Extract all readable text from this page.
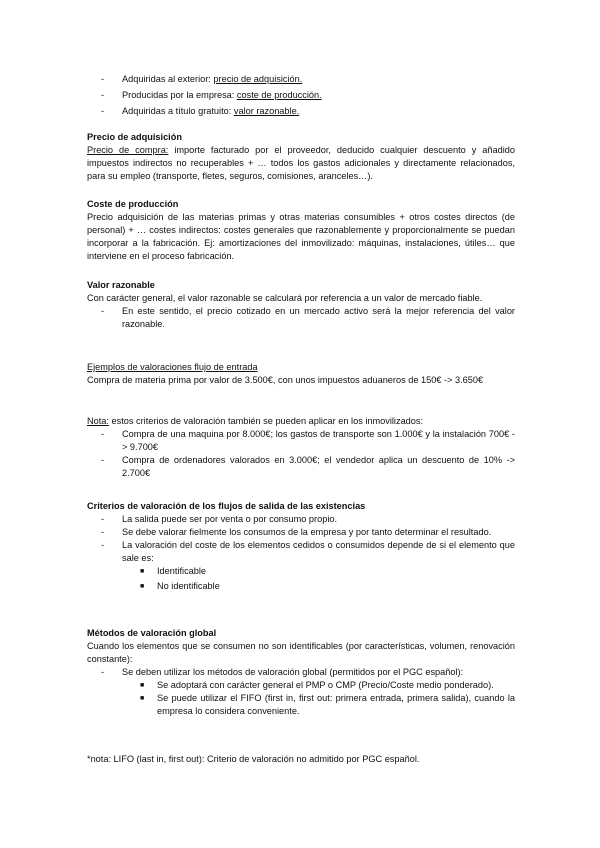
- Adquiridas al exterior: precio de adquisición.

- Producidas por la empresa: coste de producción.

- Adquiridas a título gratuito: valor razonable.

Precio de adquisición

Precio de compra: importe facturado por el proveedor, deducido cualquier descuento y añadido impuestos indirectos no recuperables + … todos los gastos adicionales y directamente relacionados, para su empleo (transporte, fletes, seguros, comisiones, aranceles…).

Coste de producción

Precio adquisición de las materias primas y otras materias consumibles + otros costes directos (de personal) + … costes indirectos: costes generales que razonablemente y proporcionalmente se puedan incorporar a la fabricación. Ej: amortizaciones del inmovilizado: máquinas, instalaciones, útiles… que interviene en el proceso fabricación.

Valor razonable

Con carácter general, el valor razonable se calculará por referencia a un valor de mercado fiable.

- En este sentido, el precio cotizado en un mercado activo será la mejor referencia del valor razonable.

Ejemplos de valoraciones flujo de entrada

Compra de materia prima por valor de 3.500€, con unos impuestos aduaneros de 150€ -> 3.650€

Nota: estos criterios de valoración también se pueden aplicar en los inmovilizados:

- Compra de una maquina por 8.000€; los gastos de transporte son 1.000€ y la instalación 700€ -> 9.700€

- Compra de ordenadores valorados en 3.000€; el vendedor aplica un descuento de 10% -> 2.700€

Criterios de valoración de los flujos de salida de las existencias

- La salida puede ser por venta o por consumo propio.

- Se debe valorar fielmente los consumos de la empresa y por tanto determinar el resultado.

- La valoración del coste de los elementos cedidos o consumidos depende de si el elemento que sale es:

■ Identificable

■ No identificable

Métodos de valoración global

Cuando los elementos que se consumen no son identificables (por características, volumen, renovación constante):

- Se deben utilizar los métodos de valoración global (permitidos por el PGC español):

■ Se adoptará con carácter general el PMP o CMP (Precio/Coste medio ponderado).

■ Se puede utilizar el FIFO (first in, first out: primera entrada, primera salida), cuando la empresa lo considera conveniente.

*nota: LIFO (last in, first out): Criterio de valoración no admitido por PGC español.
